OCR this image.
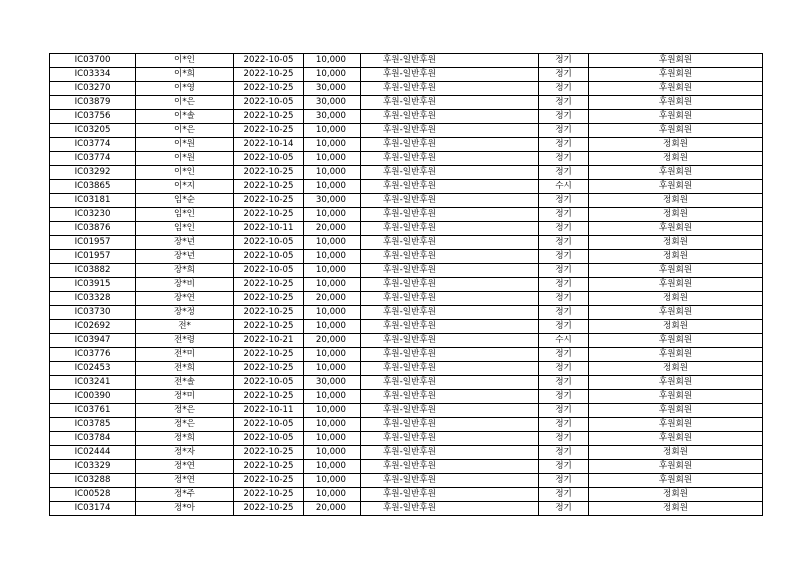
IC03700	이*인	2022-10-05	10,000	후원-일반후원	정기	후원회원
IC03334	이*희	2022-10-25	10,000	후원-일반후원	정기	후원회원
IC03270	이*영	2022-10-25	30,000	후원-일반후원	정기	후원회원
IC03879	이*은	2022-10-05	30,000	후원-일반후원	정기	후원회원
IC03756	이*솔	2022-10-25	30,000	후원-일반후원	정기	후원회원
IC03205	이*은	2022-10-25	10,000	후원-일반후원	정기	후원회원
IC03774	이*원	2022-10-14	10,000	후원-일반후원	정기	정회원
IC03774	이*원	2022-10-05	10,000	후원-일반후원	정기	정회원
IC03292	이*인	2022-10-25	10,000	후원-일반후원	정기	후원회원
IC03865	이*지	2022-10-25	10,000	후원-일반후원	수시	후원회원
IC03181	임*순	2022-10-25	30,000	후원-일반후원	정기	정회원
IC03230	임*인	2022-10-25	10,000	후원-일반후원	정기	정회원
IC03876	임*인	2022-10-11	20,000	후원-일반후원	정기	후원회원
IC01957	장*년	2022-10-05	10,000	후원-일반후원	정기	정회원
IC01957	장*년	2022-10-05	10,000	후원-일반후원	정기	정회원
IC03882	장*희	2022-10-05	10,000	후원-일반후원	정기	후원회원
IC03915	장*비	2022-10-25	10,000	후원-일반후원	정기	후원회원
IC03328	장*연	2022-10-25	20,000	후원-일반후원	정기	정회원
IC03730	장*정	2022-10-25	10,000	후원-일반후원	정기	후원회원
IC02692	전*	2022-10-25	10,000	후원-일반후원	정기	정회원
IC03947	전*령	2022-10-21	20,000	후원-일반후원	수시	후원회원
IC03776	전*미	2022-10-25	10,000	후원-일반후원	정기	후원회원
IC02453	전*희	2022-10-25	10,000	후원-일반후원	정기	정회원
IC03241	전*솔	2022-10-05	30,000	후원-일반후원	정기	후원회원
IC00390	정*미	2022-10-25	10,000	후원-일반후원	정기	후원회원
IC03761	정*은	2022-10-11	10,000	후원-일반후원	정기	후원회원
IC03785	정*은	2022-10-05	10,000	후원-일반후원	정기	후원회원
IC03784	정*희	2022-10-05	10,000	후원-일반후원	정기	후원회원
IC02444	정*자	2022-10-25	10,000	후원-일반후원	정기	정회원
IC03329	정*연	2022-10-25	10,000	후원-일반후원	정기	후원회원
IC03288	정*연	2022-10-25	10,000	후원-일반후원	정기	후원회원
IC00528	정*주	2022-10-25	10,000	후원-일반후원	정기	정회원
IC03174	정*아	2022-10-25	20,000	후원-일반후원	정기	정회원
